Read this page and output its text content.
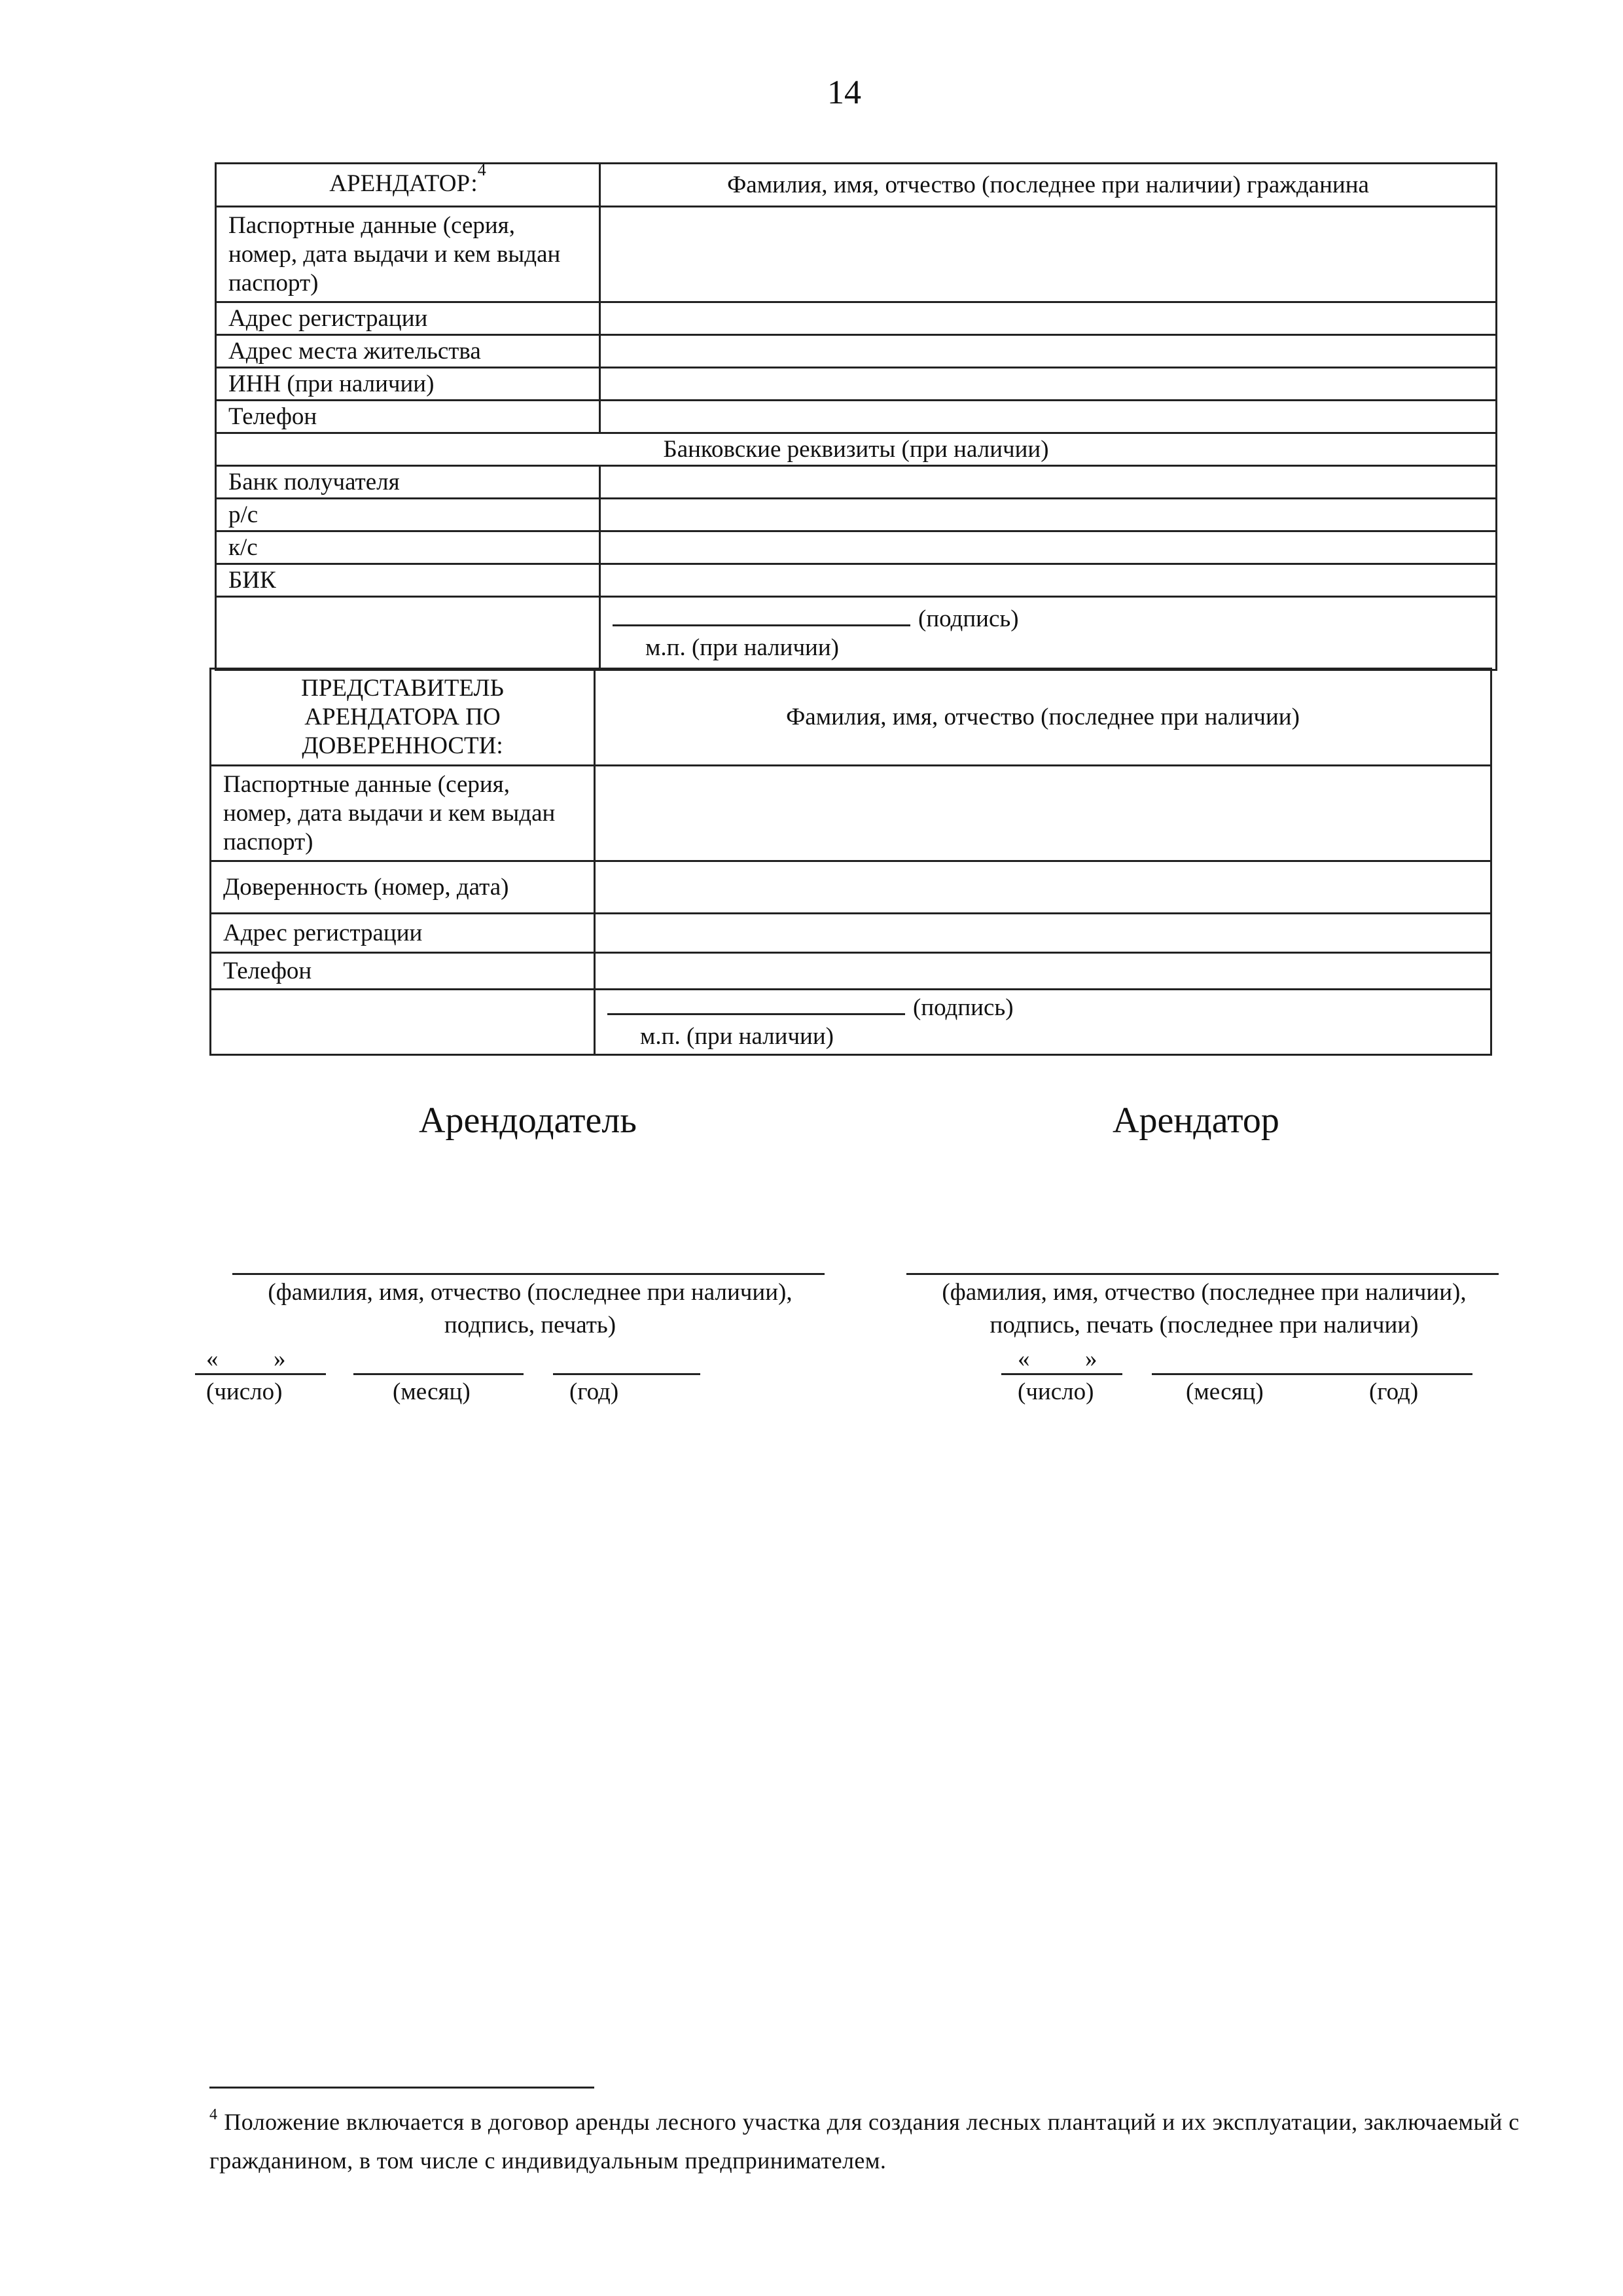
14
АРЕНДАТОР:$^4$	Фамилия, имя, отчество (последнее при наличии) гражданина
Паспортные данные (серия, номер, дата выдачи и кем выдан паспорт)	
Адрес регистрации	
Адрес места жительства	
ИНН (при наличии)	
Телефон	
Банковские реквизиты (при наличии)	
Банк получателя	
р/с	
к/с	
БИК	

	(подпись)
м.п. (при наличии)
ПРЕДСТАВИТЕЛЬ АРЕНДАТОРА ПО ДОВЕРЕННОСТИ:	Фамилия, имя, отчество (последнее при наличии)
Паспортные данные (серия, номер, дата выдачи и кем выдан паспорт)	
Доверенность (номер, дата)	
Адрес регистрации	
Телефон	

	(подпись)
м.п. (при наличии)
Арендодатель
(фамилия, имя, отчество (последнее при наличии),
подпись, печать)
« »
(число)	(месяц)	(год)
Арендатор
(фамилия, имя, отчество (последнее при наличии),
подпись, печать (последнее при наличии)
« »
(число)	(месяц)	(год)
$^4$ Положение включается в договор аренды лесного участка для создания лесных плантаций и их эксплуатации, заключаемый с гражданином, в том числе с индивидуальным предпринимателем.
